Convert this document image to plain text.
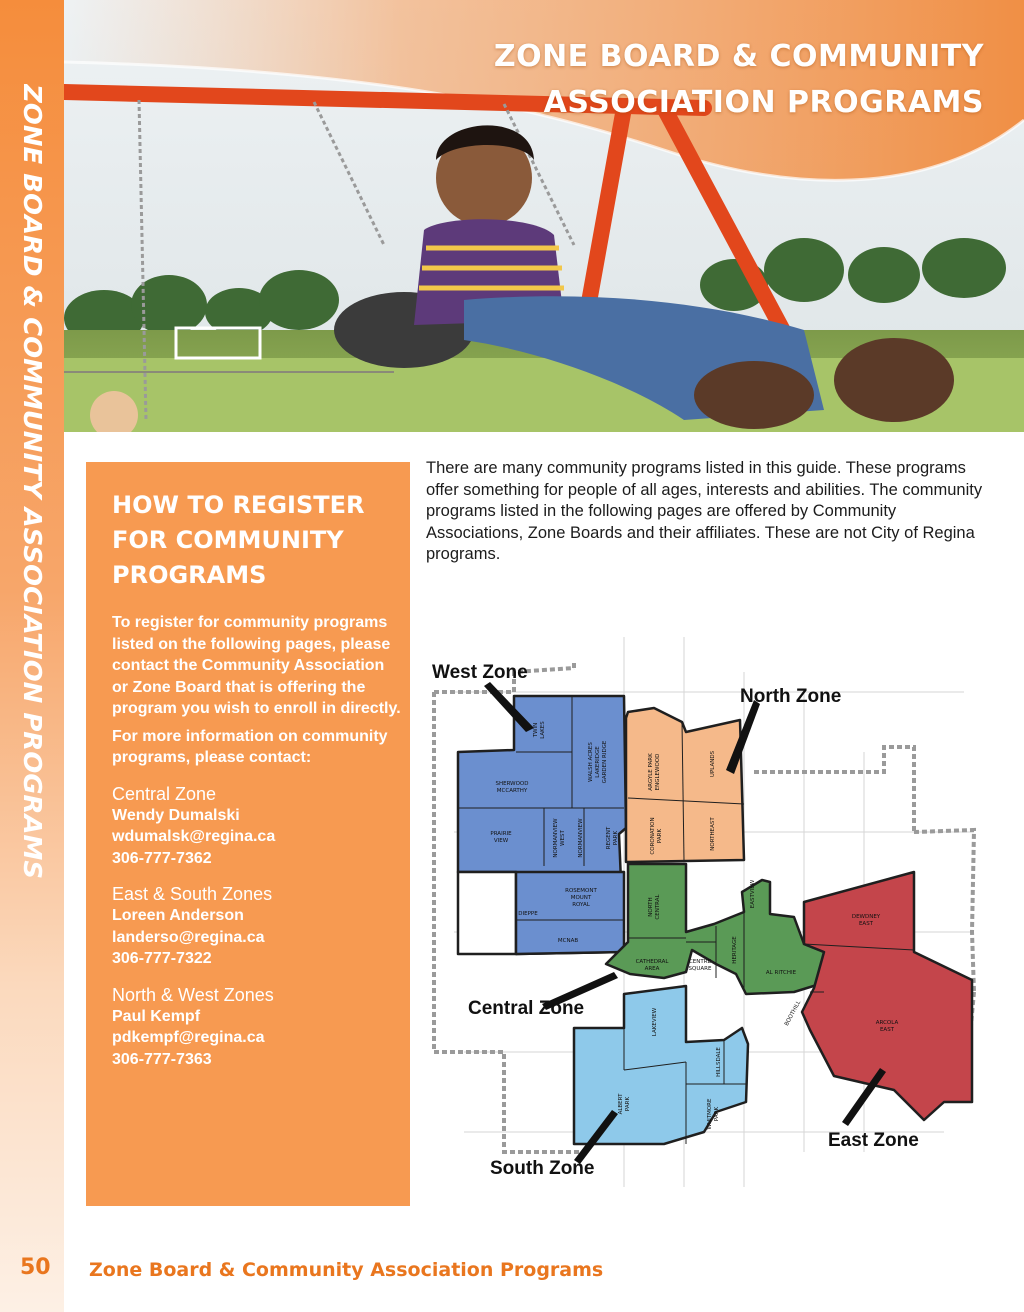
ZONE BOARD & COMMUNITY ASSOCIATION PROGRAMS
ZONE BOARD & COMMUNITY
ASSOCIATION PROGRAMS
HOW TO REGISTER
FOR COMMUNITY
PROGRAMS

To register for community programs listed on the following pages, please contact the Community Association or Zone Board that is offering the program you wish to enroll in directly.

For more information on community programs, please contact:

Central Zone
Wendy Dumalski
wdumalsk@regina.ca
306-777-7362
East & South Zones
Loreen Anderson
landerso@regina.ca
306-777-7322
North & West Zones
Paul Kempf
pdkempf@regina.ca
306-777-7363
There are many community programs listed in this guide. These programs offer something for people of all ages, interests and abilities. The community programs listed in the following pages are offered by Community Associations, Zone Boards and their affiliates. These are not City of Regina programs.
West Zone
North Zone
Central Zone
East Zone
South Zone
TWIN LAKES
WALSH ACRES LAKERIDGE GARDEN RIDGE
SHERWOOD
MCCARTHY
PRAIRIE
VIEW	NORMANVIEW WEST NORMANVIEW	REGENT PARK
ROSEMONT
MOUNT
ROYAL
DIEPPE
MCNAB
ARGYLE PARK ENGLEWOOD	UPLANDS
CORONATION PARK	NORTHEAST
NORTH CENTRAL	EASTVIEW
HERITAGE
CATHEDRAL
AREA
CENTRE
SQUARE
AL RITCHIE
DEWDNEY
EAST
BOOTHILL	ARCOLA
EAST
LAKEVIEW
HILLSDALE
ALBERT PARK	WHITMORE PARK
50 Zone Board & Community Association Programs
